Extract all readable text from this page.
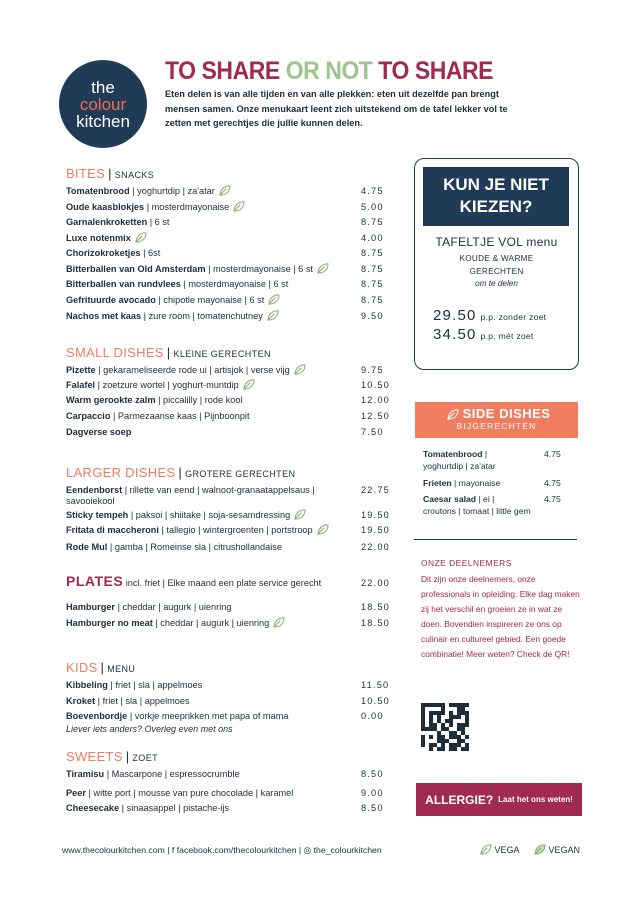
the
colour
kitchen
TO SHARE OR NOT TO SHARE
Eten delen is van alle tijden en van alle plekken: eten uit dezelfde pan brengt mensen samen. Onze menukaart leent zich uitstekend om de tafel lekker vol te zetten met gerechtjes die jullie kunnen delen.
BITES | SNACKS
Tomatenbrood | yoghurtdip | za'atar	4.75
Oude kaasblokjes | mosterdmayonaise	5.00
Garnalenkroketten | 6 st	8.75
Luxe notenmix	4.00
Chorizokroketjes | 6st	8.75
Bitterballen van Old Amsterdam | mosterdmayonaise | 6 st	8.75
Bitterballen van rundvlees | mosterdmayonaise | 6 st	8.75
Gefrituurde avocado | chipotle mayonaise | 6 st	8.75
Nachos met kaas | zure room | tomatenchutney	9.50
SMALL DISHES | KLEINE GERECHTEN
Pizette | gekarameliseerde rode ui | artisjok | verse vijg	9.75
Falafel | zoetzure wortel | yoghurt-muntdip	10.50
Warm gerookte zalm | piccalilly | rode kool	12.00
Carpaccio | Parmezaanse kaas | Pijnboonpit	12.50
Dagverse soep	7.50
LARGER DISHES | GROTERE GERECHTEN
Eendenborst | rillette van eend | walnoot-granaatappelsaus | savooiekool
22.75
Sticky tempeh | paksoi | shiitake | soja-sesamdressing	19.50
Fritata di maccheroni | tallegio | wintergroenten | portstroop	19.50
Rode Mul | gamba | Romeinse sla | citrushollandaise	22.00
PLATES incl. friet | Elke maand een plate service gerecht	22.00
Hamburger | cheddar | augurk | uienring	18.50
Hamburger no meat | cheddar | augurk | uienring	18.50
KIDS | MENU
Kibbeling | friet | sla | appelmoes	11.50
Kroket | friet | sla | appelmoes	10.50
Boevenbordje | vorkje meeprikken met papa of mama	0.00
Liever iets anders? Overleg even met ons
SWEETS | ZOET
Tiramisu | Mascarpone | espressocrumble	8.50
Peer | witte port | mousse van pure chocolade | karamel	9.00
Cheesecake | sinaasappel | pistache-ijs	8.50
KUN JE NIET KIEZEN?
TAFELTJE VOL menu
KOUDE & WARME
GERECHTEN
om te delen
29.50 p.p. zonder zoet
34.50 p.p. mét zoet
SIDE DISHES
BIJGERECHTEN
Tomatenbrood |
yoghurtdip | za'atar
4.75
Frieten | mayonaise	4.75
Caesar salad | ei |
croutons | tomaat | little gem
4.75
ONZE DEELNEMERS
Dit zijn onze deelnemers, onze professionals in opleiding. Elke dag maken zij het verschil en groeien ze in wat ze doen. Bovendien inspireren ze ons op culinair en cultureel gebied. Een goede combinatie! Meer weten? Check de QR!
ALLERGIE? Laat het ons weten!
www.thecolourkitchen.com | f facebook.com/thecolourkitchen | ◎ the_colourkitchen	VEGA	VEGAN
